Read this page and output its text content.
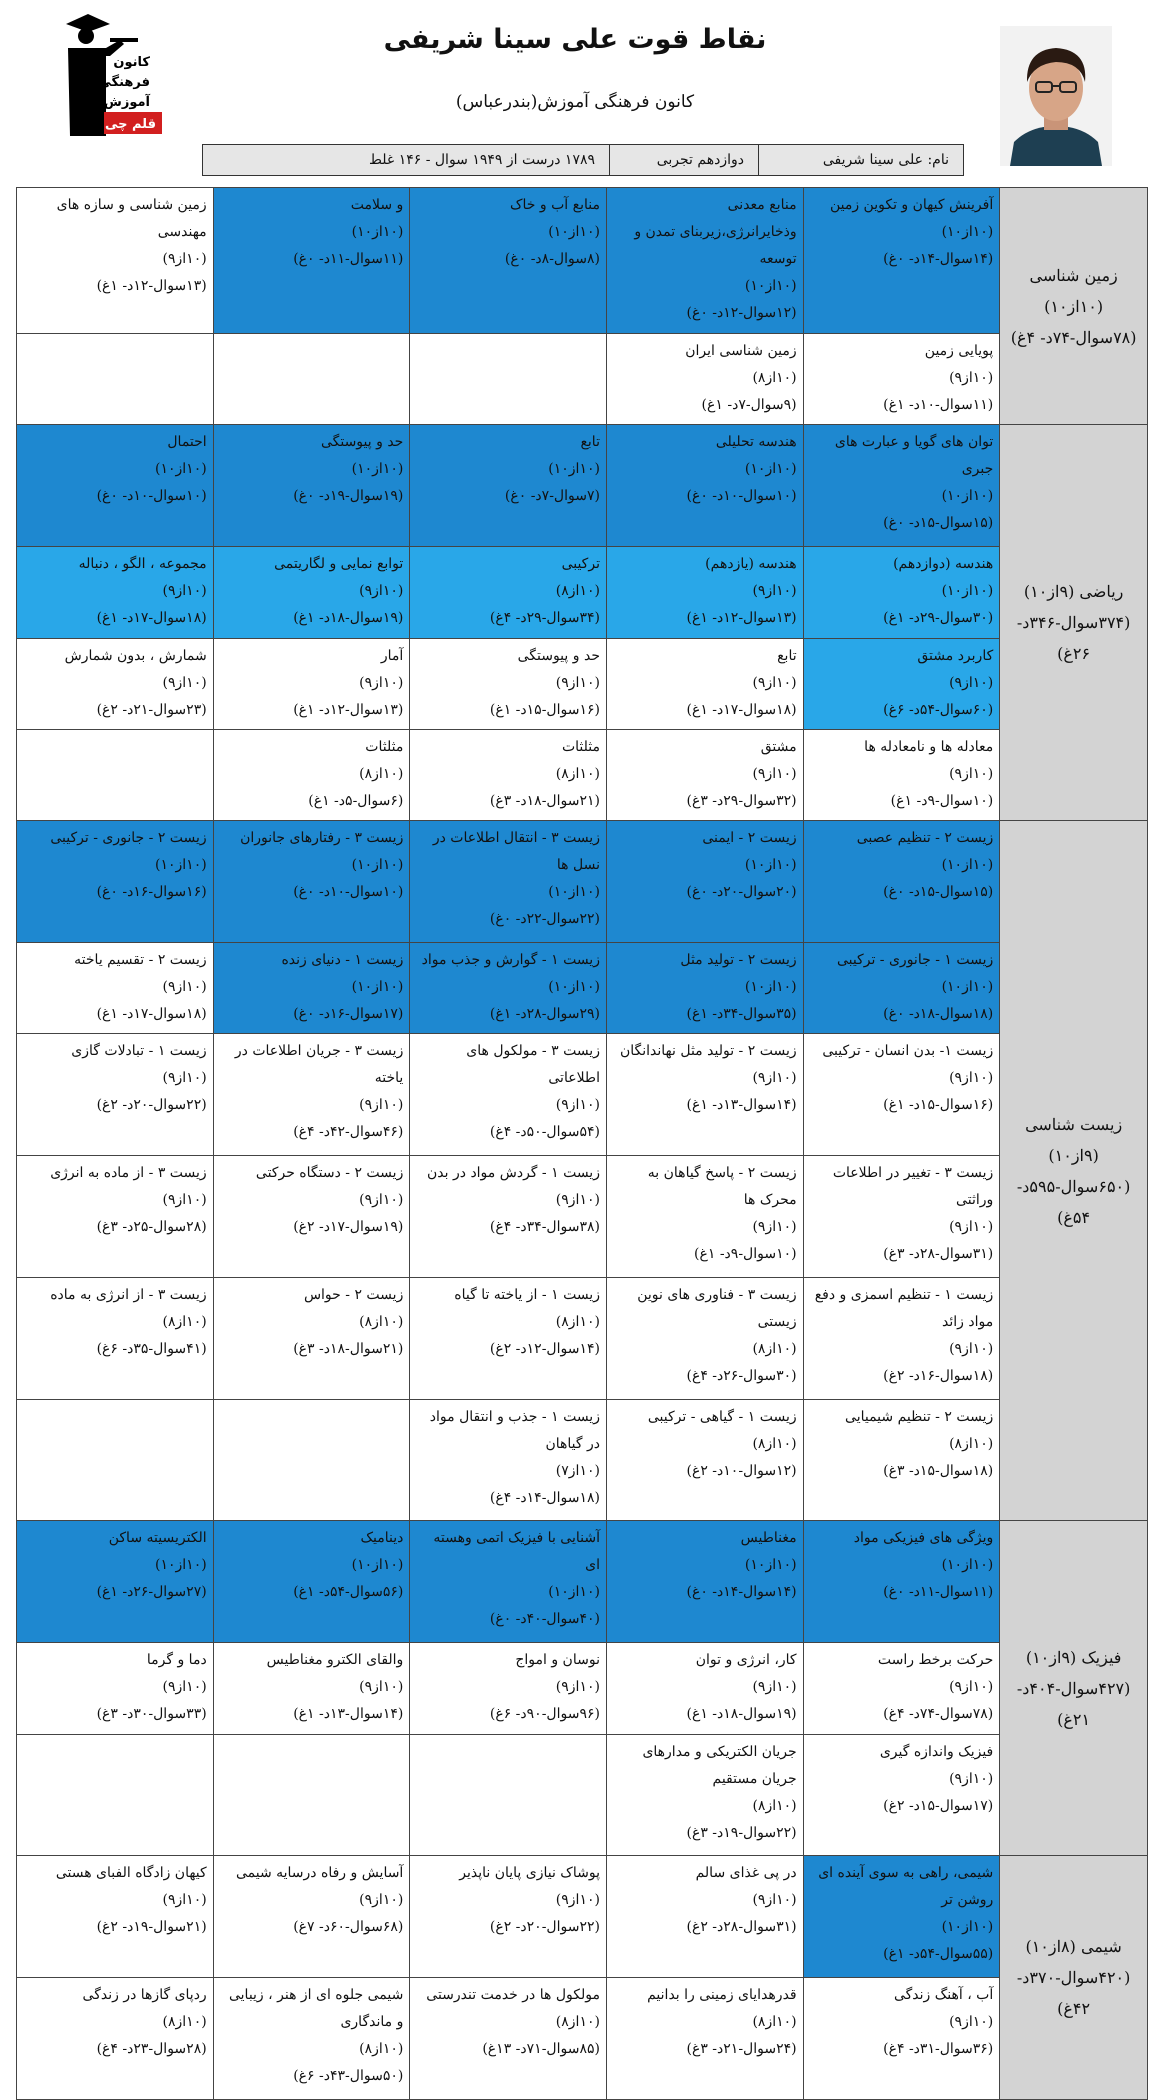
کانون
فرهنگی
آموزش
قلم چی
نقاط قوت علی سینا شریفی
کانون فرهنگی آموزش(بندرعباس)
نام: علی سینا شریفی
دوازدهم تجربی
۱۷۸۹ درست از ۱۹۴۹ سوال - ۱۴۶ غلط
زمین شناسی (۱۰از۱۰) (۷۸سوال-۷۴د- ۴غ)	آفرینش کیهان و تکوین زمین
(۱۰از۱۰)
(۱۴سوال-۱۴د- ۰غ)	منابع معدنی وذخایرانرژی،زیربنای تمدن و توسعه
(۱۰از۱۰)
(۱۲سوال-۱۲د- ۰غ)	منابع آب و خاک
(۱۰از۱۰)
(۸سوال-۸د- ۰غ)	و سلامت
(۱۰از۱۰)
(۱۱سوال-۱۱د- ۰غ)	زمین شناسی و سازه های مهندسی
(۱۰از۹)
(۱۳سوال-۱۲د- ۱غ)

	پویایی زمین
(۱۰از۹)
(۱۱سوال-۱۰د- ۱غ)	زمین شناسی ایران
(۱۰از۸)
(۹سوال-۷د- ۱غ)			

ریاضی (۹از۱۰) (۳۷۴سوال-۳۴۶د- ۲۶غ)	توان های گویا و عبارت های جبری
(۱۰از۱۰)
(۱۵سوال-۱۵د- ۰غ)	هندسه تحلیلی
(۱۰از۱۰)
(۱۰سوال-۱۰د- ۰غ)	تابع
(۱۰از۱۰)
(۷سوال-۷د- ۰غ)	حد و پیوستگی
(۱۰از۱۰)
(۱۹سوال-۱۹د- ۰غ)	احتمال
(۱۰از۱۰)
(۱۰سوال-۱۰د- ۰غ)

	هندسه (دوازدهم)
(۱۰از۱۰)
(۳۰سوال-۲۹د- ۱غ)	هندسه (یازدهم)
(۱۰از۹)
(۱۳سوال-۱۲د- ۱غ)	ترکیبی
(۱۰از۸)
(۳۴سوال-۲۹د- ۴غ)	توابع نمایی و لگاریتمی
(۱۰از۹)
(۱۹سوال-۱۸د- ۱غ)	مجموعه ، الگو ، دنباله
(۱۰از۹)
(۱۸سوال-۱۷د- ۱غ)

	کاربرد مشتق
(۱۰از۹)
(۶۰سوال-۵۴د- ۶غ)	تابع
(۱۰از۹)
(۱۸سوال-۱۷د- ۱غ)	حد و پیوستگی
(۱۰از۹)
(۱۶سوال-۱۵د- ۱غ)	آمار
(۱۰از۹)
(۱۳سوال-۱۲د- ۱غ)	شمارش ، بدون شمارش
(۱۰از۹)
(۲۳سوال-۲۱د- ۲غ)

	معادله ها و نامعادله ها
(۱۰از۹)
(۱۰سوال-۹د- ۱غ)	مشتق
(۱۰از۹)
(۳۲سوال-۲۹د- ۳غ)	مثلثات
(۱۰از۸)
(۲۱سوال-۱۸د- ۳غ)	مثلثات
(۱۰از۸)
(۶سوال-۵د- ۱غ)	

زیست شناسی (۹از۱۰) (۶۵۰سوال-۵۹۵د- ۵۴غ)	زیست ۲ - تنظیم عصبی
(۱۰از۱۰)
(۱۵سوال-۱۵د- ۰غ)	زیست ۲ - ایمنی
(۱۰از۱۰)
(۲۰سوال-۲۰د- ۰غ)	زیست ۳ - انتقال اطلاعات در نسل ها
(۱۰از۱۰)
(۲۲سوال-۲۲د- ۰غ)	زیست ۳ - رفتارهای جانوران
(۱۰از۱۰)
(۱۰سوال-۱۰د- ۰غ)	زیست ۲ - جانوری - ترکیبی
(۱۰از۱۰)
(۱۶سوال-۱۶د- ۰غ)

	زیست ۱ - جانوری - ترکیبی
(۱۰از۱۰)
(۱۸سوال-۱۸د- ۰غ)	زیست ۲ - تولید مثل
(۱۰از۱۰)
(۳۵سوال-۳۴د- ۱غ)	زیست ۱ - گوارش و جذب مواد
(۱۰از۱۰)
(۲۹سوال-۲۸د- ۱غ)	زیست ۱ - دنیای زنده
(۱۰از۱۰)
(۱۷سوال-۱۶د- ۰غ)	زیست ۲ - تقسیم یاخته
(۱۰از۹)
(۱۸سوال-۱۷د- ۱غ)

	زیست ۱- بدن انسان - ترکیبی
(۱۰از۹)
(۱۶سوال-۱۵د- ۱غ)	زیست ۲ - تولید مثل نهاندانگان
(۱۰از۹)
(۱۴سوال-۱۳د- ۱غ)	زیست ۳ - مولکول های اطلاعاتی
(۱۰از۹)
(۵۴سوال-۵۰د- ۴غ)	زیست ۳ - جریان اطلاعات در یاخته
(۱۰از۹)
(۴۶سوال-۴۲د- ۴غ)	زیست ۱ - تبادلات گازی
(۱۰از۹)
(۲۲سوال-۲۰د- ۲غ)

	زیست ۳ - تغییر در اطلاعات وراثتی
(۱۰از۹)
(۳۱سوال-۲۸د- ۳غ)	زیست ۲ - پاسخ گیاهان به محرک ها
(۱۰از۹)
(۱۰سوال-۹د- ۱غ)	زیست ۱ - گردش مواد در بدن
(۱۰از۹)
(۳۸سوال-۳۴د- ۴غ)	زیست ۲ - دستگاه حرکتی
(۱۰از۹)
(۱۹سوال-۱۷د- ۲غ)	زیست ۳ - از ماده به انرژی
(۱۰از۹)
(۲۸سوال-۲۵د- ۳غ)

	زیست ۱ - تنظیم اسمزی و دفع مواد زائد
(۱۰از۹)
(۱۸سوال-۱۶د- ۲غ)	زیست ۳ - فناوری های نوین زیستی
(۱۰از۸)
(۳۰سوال-۲۶د- ۴غ)	زیست ۱ - از یاخته تا گیاه
(۱۰از۸)
(۱۴سوال-۱۲د- ۲غ)	زیست ۲ - حواس
(۱۰از۸)
(۲۱سوال-۱۸د- ۳غ)	زیست ۳ - از انرژی به ماده
(۱۰از۸)
(۴۱سوال-۳۵د- ۶غ)

	زیست ۲ - تنظیم شیمیایی
(۱۰از۸)
(۱۸سوال-۱۵د- ۳غ)	زیست ۱ - گیاهی - ترکیبی
(۱۰از۸)
(۱۲سوال-۱۰د- ۲غ)	زیست ۱ - جذب و انتقال مواد در گیاهان
(۱۰از۷)
(۱۸سوال-۱۴د- ۴غ)		

فیزیک (۹از۱۰) (۴۲۷سوال-۴۰۴د- ۲۱غ)	ویژگی های فیزیکی مواد
(۱۰از۱۰)
(۱۱سوال-۱۱د- ۰غ)	مغناطیس
(۱۰از۱۰)
(۱۴سوال-۱۴د- ۰غ)	آشنایی با فیزیک اتمی وهسته ای
(۱۰از۱۰)
(۴۰سوال-۴۰د- ۰غ)	دینامیک
(۱۰از۱۰)
(۵۶سوال-۵۴د- ۱غ)	الکتریسیته ساکن
(۱۰از۱۰)
(۲۷سوال-۲۶د- ۱غ)

	حرکت برخط راست
(۱۰از۹)
(۷۸سوال-۷۴د- ۴غ)	کار، انرژی و توان
(۱۰از۹)
(۱۹سوال-۱۸د- ۱غ)	نوسان و امواج
(۱۰از۹)
(۹۶سوال-۹۰د- ۶غ)	والقای الکترو مغناطیس
(۱۰از۹)
(۱۴سوال-۱۳د- ۱غ)	دما و گرما
(۱۰از۹)
(۳۳سوال-۳۰د- ۳غ)

	فیزیک واندازه گیری
(۱۰از۹)
(۱۷سوال-۱۵د- ۲غ)	جریان الکتریکی و مدارهای جریان مستقیم
(۱۰از۸)
(۲۲سوال-۱۹د- ۳غ)			

شیمی (۸از۱۰) (۴۲۰سوال-۳۷۰د- ۴۲غ)	شیمی، راهی به سوی آینده ای روشن تر
(۱۰از۱۰)
(۵۵سوال-۵۴د- ۱غ)	در پی غذای سالم
(۱۰از۹)
(۳۱سوال-۲۸د- ۲غ)	پوشاک نیازی پایان ناپذیر
(۱۰از۹)
(۲۲سوال-۲۰د- ۲غ)	آسایش و رفاه درسایه شیمی
(۱۰از۹)
(۶۸سوال-۶۰د- ۷غ)	کیهان زادگاه الفبای هستی
(۱۰از۹)
(۲۱سوال-۱۹د- ۲غ)

	آب ، آهنگ زندگی
(۱۰از۹)
(۳۶سوال-۳۱د- ۴غ)	قدرهدایای زمینی را بدانیم
(۱۰از۸)
(۲۴سوال-۲۱د- ۳غ)	مولکول ها در خدمت تندرستی
(۱۰از۸)
(۸۵سوال-۷۱د- ۱۳غ)	شیمی جلوه ای از هنر ، زیبایی و ماندگاری
(۱۰از۸)
(۵۰سوال-۴۳د- ۶غ)	ردپای گازها در زندگی
(۱۰از۸)
(۲۸سوال-۲۳د- ۴غ)
